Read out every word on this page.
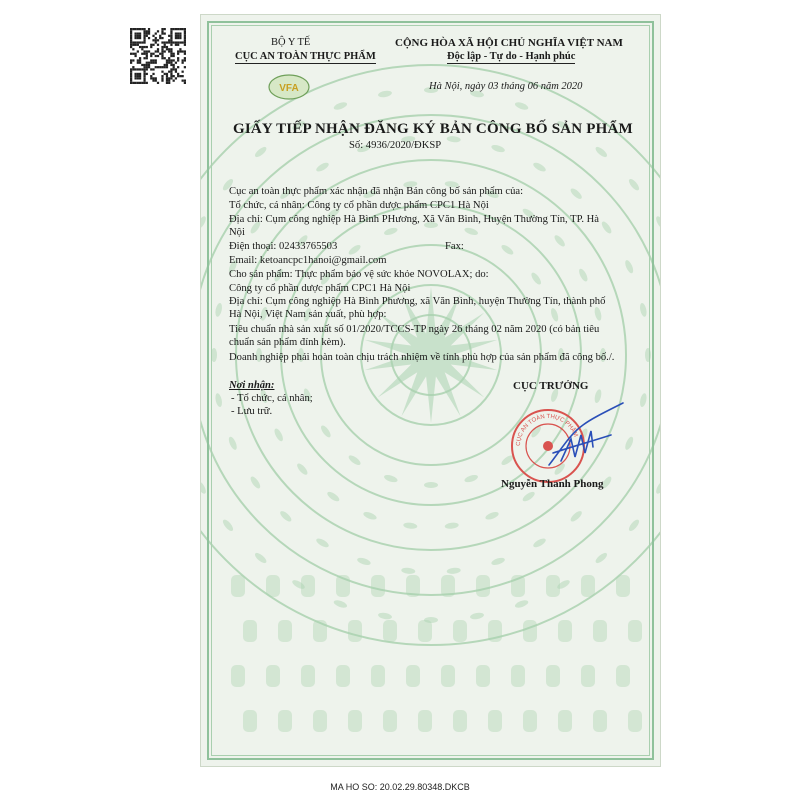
BỘ Y TẾ
CỤC AN TOÀN THỰC PHẨM
VFA
CỘNG HÒA XÃ HỘI CHỦ NGHĨA VIỆT NAM
Độc lập - Tự do - Hạnh phúc
Hà Nội, ngày 03 tháng 06 năm 2020
GIẤY TIẾP NHẬN ĐĂNG KÝ BẢN CÔNG BỐ SẢN PHẨM
Số: 4936/2020/ĐKSP
Cục an toàn thực phẩm xác nhận đã nhận Bản công bố sản phẩm của:
Tổ chức, cá nhân: Công ty cổ phần dược phẩm CPC1 Hà Nội
Địa chỉ: Cụm công nghiệp Hà Bình PHương, Xã Văn Bình, Huyện Thường Tín, TP. Hà
Nội
Điện thoại: 02433765503	Fax:
Email: ketoancpc1hanoi@gmail.com
Cho sản phẩm: Thực phẩm bảo vệ sức khỏe NOVOLAX; do:
Công ty cổ phần dược phẩm CPC1 Hà Nội
Địa chỉ: Cụm công nghiệp Hà Bình Phương, xã Văn Bình, huyện Thường Tín, thành phố
Hà Nội, Việt Nam sản xuất, phù hợp:
Tiêu chuẩn nhà sản xuất số 01/2020/TCCS-TP ngày 26 tháng 02 năm 2020 (có bản tiêu
chuẩn sản phẩm đính kèm).
Doanh nghiệp phải hoàn toàn chịu trách nhiệm về tính phù hợp của sản phẩm đã công bố./.
Nơi nhận:
- Tổ chức, cá nhân;
- Lưu trữ.
CỤC TRƯỞNG
CỤC AN TOÀN THỰC PHẨM
Nguyễn Thanh Phong
MA HO SO: 20.02.29.80348.DKCB
